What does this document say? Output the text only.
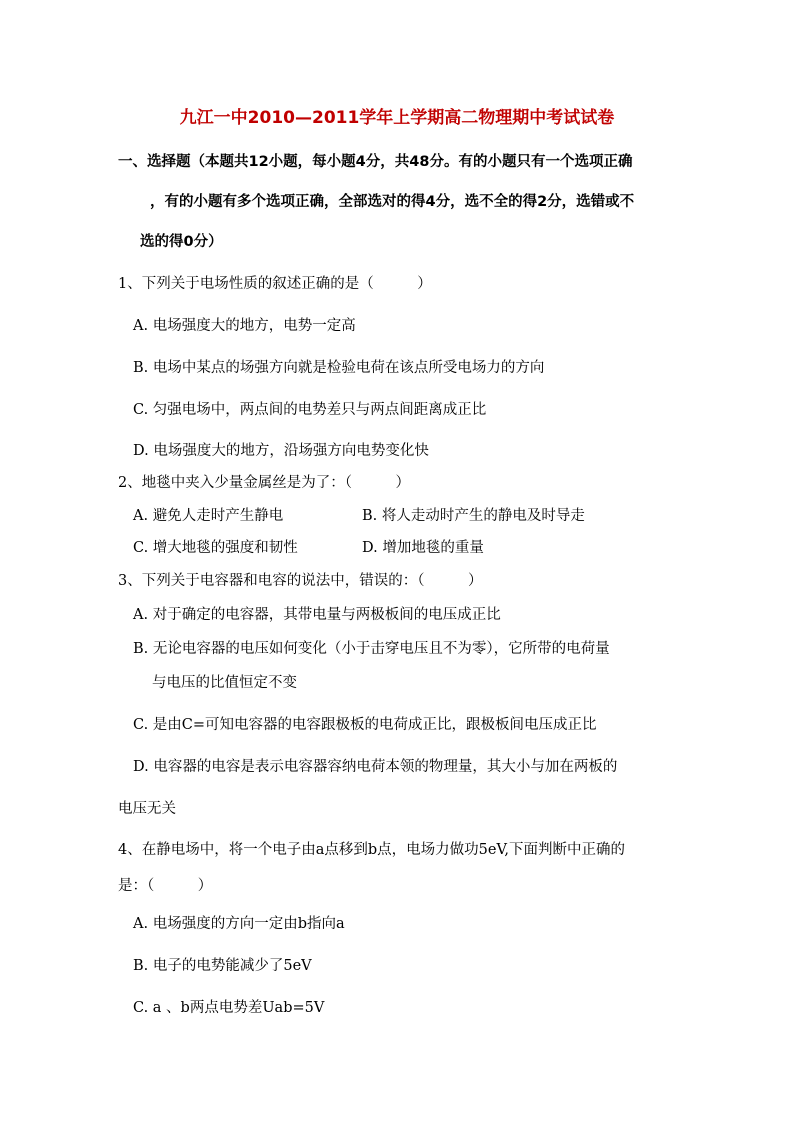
九江一中2010—2011学年上学期高二物理期中考试试卷
一、选择题（本题共12小题，每小题4分，共48分。有的小题只有一个选项正确
，有的小题有多个选项正确，全部选对的得4分，选不全的得2分，选错或不
选的得0分）
1、下列关于电场性质的叙述正确的是（　　　）
A. 电场强度大的地方，电势一定高
B. 电场中某点的场强方向就是检验电荷在该点所受电场力的方向
C. 匀强电场中，两点间的电势差只与两点间距离成正比
D. 电场强度大的地方，沿场强方向电势变化快
2、地毯中夹入少量金属丝是为了：（　　　）
A. 避免人走时产生静电	B. 将人走动时产生的静电及时导走
C. 增大地毯的强度和韧性	D. 增加地毯的重量
3、下列关于电容器和电容的说法中，错误的：（　　　）
A. 对于确定的电容器，其带电量与两极板间的电压成正比
B. 无论电容器的电压如何变化（小于击穿电压且不为零），它所带的电荷量
与电压的比值恒定不变
C. 是由C=可知电容器的电容跟极板的电荷成正比，跟极板间电压成正比
D. 电容器的电容是表示电容器容纳电荷本领的物理量，其大小与加在两板的
电压无关
4、在静电场中，将一个电子由a点移到b点，电场力做功5eV,下面判断中正确的
是：（　　　）
A. 电场强度的方向一定由b指向a
B. 电子的电势能减少了5eV
C. a 、b两点电势差Uab=5V
